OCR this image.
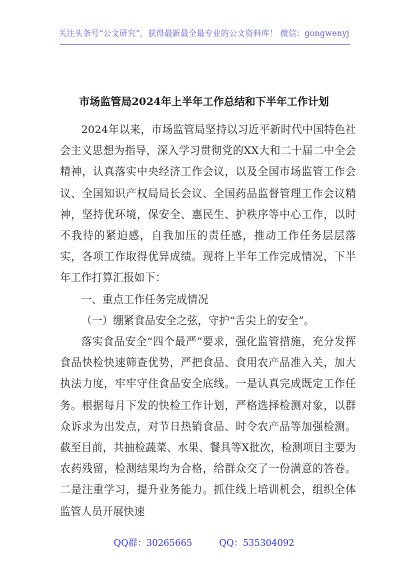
关注头条号“公文研究”，获得最新最全最专业的公文资料库！ 微信：gongwenyj
市场监管局2024年上半年工作总结和下半年工作计划

2024年以来，市场监管局坚持以习近平新时代中国特色社会主义思想为指导，深入学习贯彻党的XX大和二十届二中全会精神，认真落实中央经济工作会议，以及全国市场监管工作会议、全国知识产权局局长会议、全国药品监督管理工作会议精神，坚持优环境，保安全、惠民生、护秩序等中心工作，以时不我待的紧迫感，自我加压的责任感，推动工作任务层层落实，各项工作取得优异成绩。现将上半年工作完成情况，下半年工作打算汇报如下：

一、重点工作任务完成情况

（一）绷紧食品安全之弦，守护“舌尖上的安全”。

落实食品安全“四个最严”要求，强化监管措施，充分发挥食品快检快速筛查优势，严把食品、食用农产品准入关，加大执法力度，牢牢守住食品安全底线。一是认真完成既定工作任务。根据每月下发的快检工作计划，严格选择检测对象，以群众诉求为出发点，对节日热销食品、时令农产品等加强检测。截至目前，共抽检蔬菜、水果、餐具等X批次，检测项目主要为农药残留，检测结果均为合格，给群众交了一份满意的答卷。二是注重学习，提升业务能力。抓住线上培训机会，组织全体监管人员开展快速

QQ群：30265665	QQ：535304092
